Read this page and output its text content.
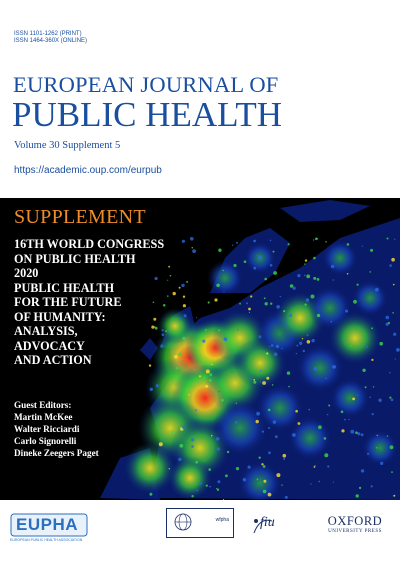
ISSN 1101-1262 (PRINT)
ISSN 1464-360X (ONLINE)
EUROPEAN JOURNAL OF
PUBLIC HEALTH
Volume 30 Supplement 5
https://academic.oup.com/eurpub
SUPPLEMENT
16TH WORLD CONGRESS
ON PUBLIC HEALTH
2020
PUBLIC HEALTH
FOR THE FUTURE
OF HUMANITY:
ANALYSIS,
ADVOCACY
AND ACTION
Guest Editors:
Martin McKee
Walter Ricciardi
Carlo Signorelli
Dineke Zeegers Paget
EUPHA
EUROPEAN PUBLIC HEALTH ASSOCIATION
wfpha fiu	OXFORD
UNIVERSITY PRESS
